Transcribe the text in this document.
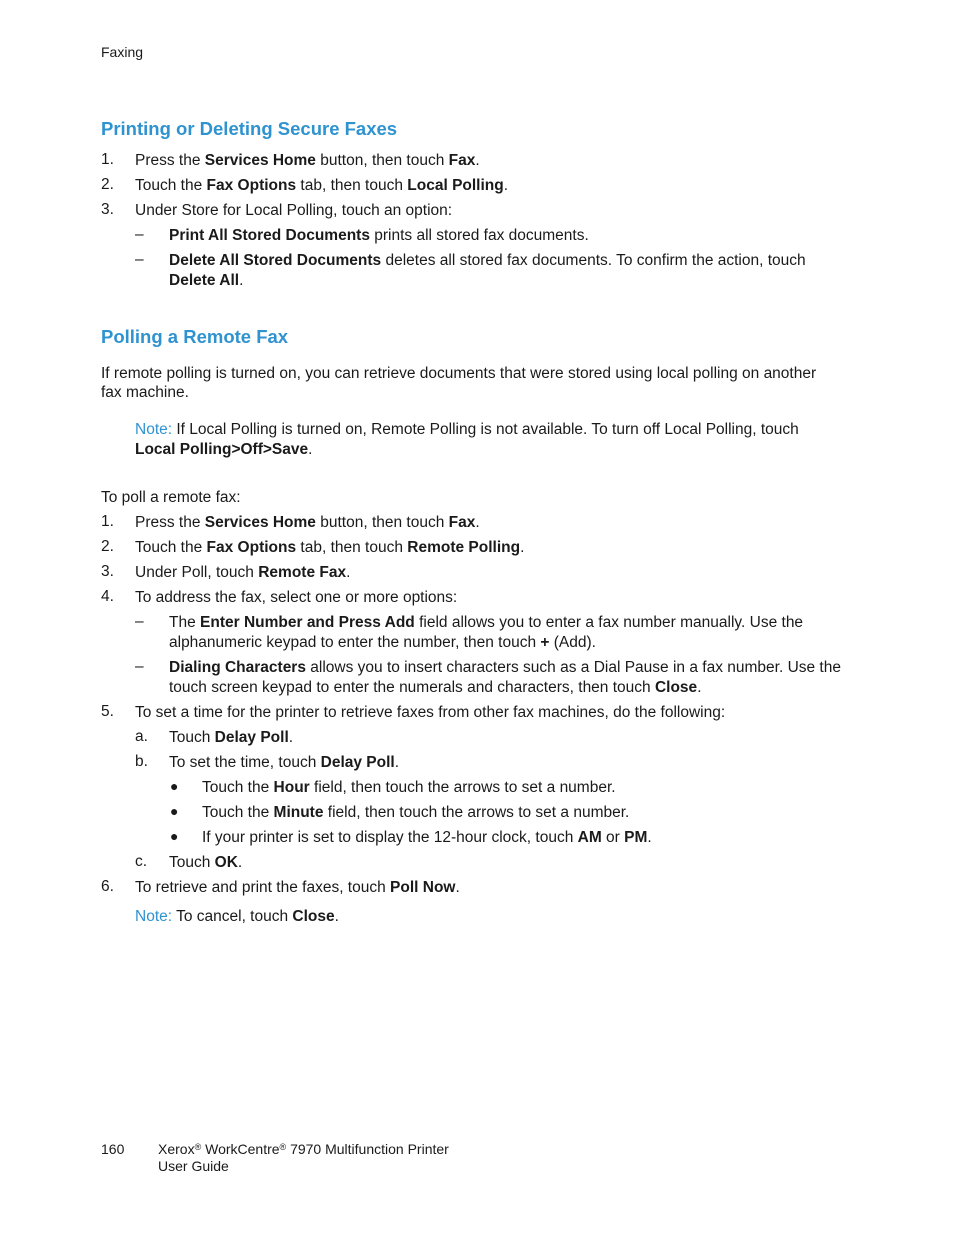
Faxing
Printing or Deleting Secure Faxes
1. Press the Services Home button, then touch Fax.
2. Touch the Fax Options tab, then touch Local Polling.
3. Under Store for Local Polling, touch an option:
– Print All Stored Documents prints all stored fax documents.
– Delete All Stored Documents deletes all stored fax documents. To confirm the action, touch
Delete All.
Polling a Remote Fax
If remote polling is turned on, you can retrieve documents that were stored using local polling on another
fax machine.
Note: If Local Polling is turned on, Remote Polling is not available. To turn off Local Polling, touch
Local Polling>Off>Save.
To poll a remote fax:
1. Press the Services Home button, then touch Fax.
2. Touch the Fax Options tab, then touch Remote Polling.
3. Under Poll, touch Remote Fax.
4. To address the fax, select one or more options:
– The Enter Number and Press Add field allows you to enter a fax number manually. Use the
alphanumeric keypad to enter the number, then touch + (Add).
– Dialing Characters allows you to insert characters such as a Dial Pause in a fax number. Use the
touch screen keypad to enter the numerals and characters, then touch Close.
5. To set a time for the printer to retrieve faxes from other fax machines, do the following:
a. Touch Delay Poll.
b. To set the time, touch Delay Poll.
● Touch the Hour field, then touch the arrows to set a number.
● Touch the Minute field, then touch the arrows to set a number.
● If your printer is set to display the 12-hour clock, touch AM or PM.
c. Touch OK.
6. To retrieve and print the faxes, touch Poll Now.
Note: To cancel, touch Close.
160 Xerox® WorkCentre® 7970 Multifunction Printer
User Guide
